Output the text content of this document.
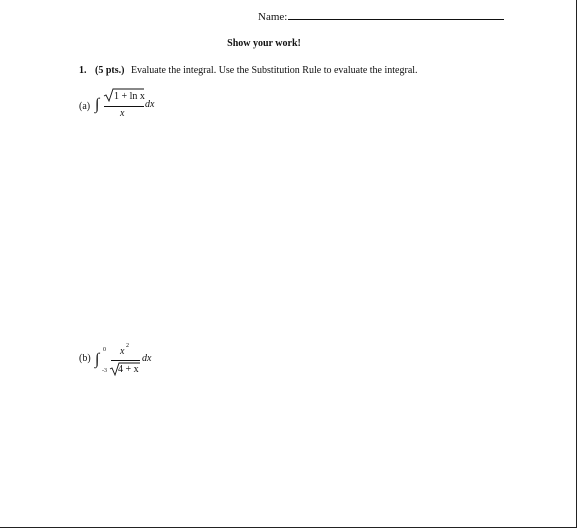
Name:
Show your work!
1. (5 pts.) Evaluate the integral. Use the Substitution Rule to evaluate the integral.
(a) ∫ 1 + ln x
x
dx
(b) ∫
0
-3
x 2
4 + x
dx
